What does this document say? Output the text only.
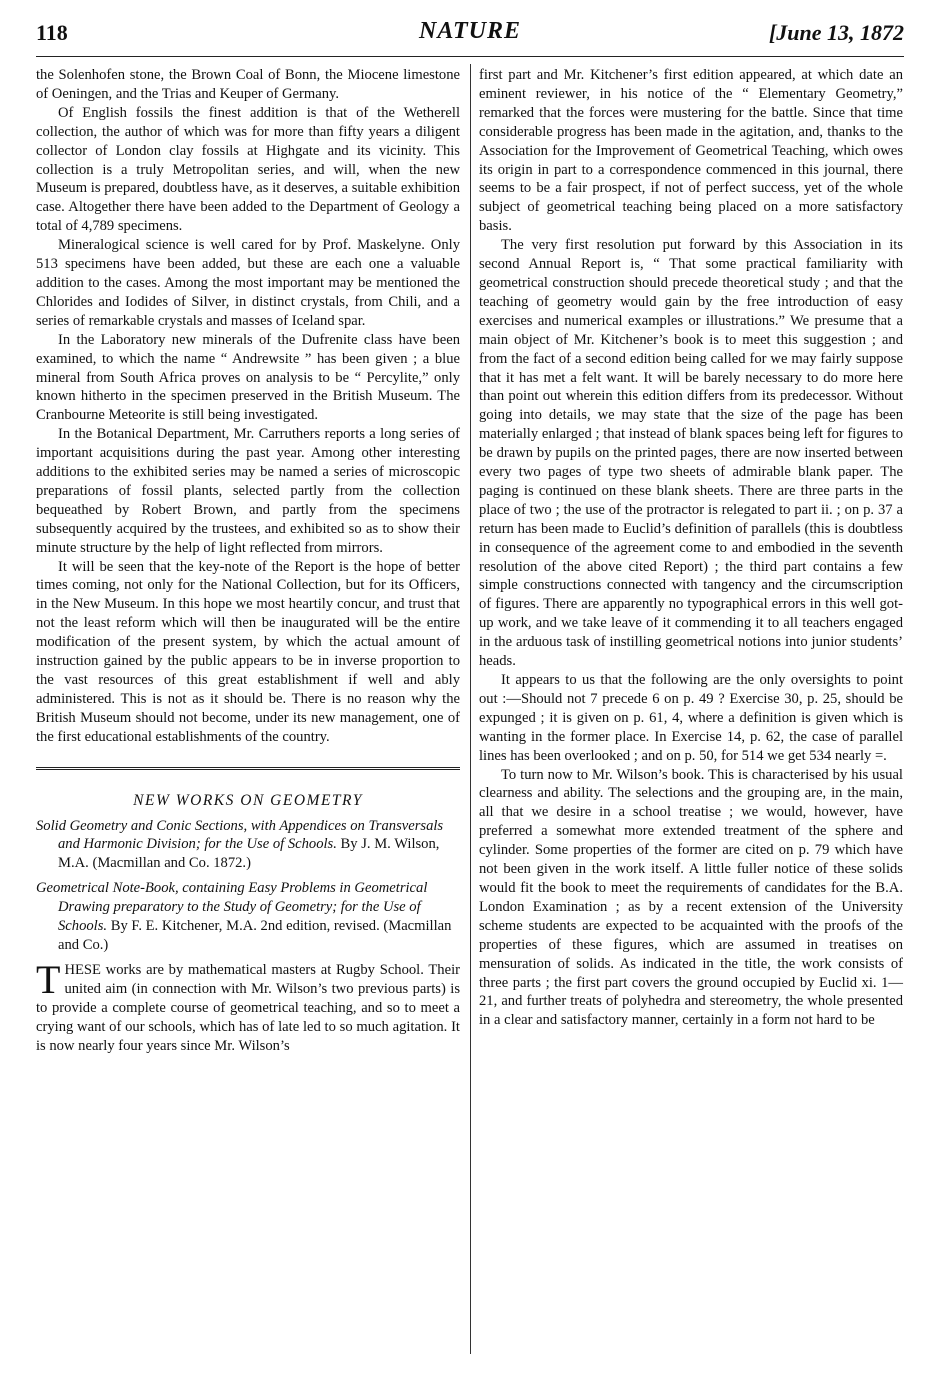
118	NATURE	[June 13, 1872

the Solenhofen stone, the Brown Coal of Bonn, the Miocene limestone of Oeningen, and the Trias and Keuper of Germany.

Of English fossils the finest addition is that of the Wetherell collection, the author of which was for more than fifty years a diligent collector of London clay fossils at Highgate and its vicinity. This collection is a truly Metropolitan series, and will, when the new Museum is prepared, doubtless have, as it deserves, a suitable exhibition case. Altogether there have been added to the Department of Geology a total of 4,789 specimens.

Mineralogical science is well cared for by Prof. Maskelyne. Only 513 specimens have been added, but these are each one a valuable addition to the cases. Among the most important may be mentioned the Chlorides and Iodides of Silver, in distinct crystals, from Chili, and a series of remarkable crystals and masses of Iceland spar.

In the Laboratory new minerals of the Dufrenite class have been examined, to which the name “ Andrewsite ” has been given ; a blue mineral from South Africa proves on analysis to be “ Percylite,” only known hitherto in the specimen preserved in the British Museum. The Cranbourne Meteorite is still being investigated.

In the Botanical Department, Mr. Carruthers reports a long series of important acquisitions during the past year. Among other interesting additions to the exhibited series may be named a series of microscopic preparations of fossil plants, selected partly from the collection bequeathed by Robert Brown, and partly from the specimens subsequently acquired by the trustees, and exhibited so as to show their minute structure by the help of light reflected from mirrors.

It will be seen that the key-note of the Report is the hope of better times coming, not only for the National Collection, but for its Officers, in the New Museum. In this hope we most heartily concur, and trust that not the least reform which will then be inaugurated will be the entire modification of the present system, by which the actual amount of instruction gained by the public appears to be in inverse proportion to the vast resources of this great establishment if well and ably administered. This is not as it should be. There is no reason why the British Museum should not become, under its new management, one of the first educational establishments of the country.

NEW WORKS ON GEOMETRY
Solid Geometry and Conic Sections, with Appendices on Transversals and Harmonic Division; for the Use of Schools. By J. M. Wilson, M.A. (Macmillan and Co. 1872.)
Geometrical Note-Book, containing Easy Problems in Geometrical Drawing preparatory to the Study of Geometry; for the Use of Schools. By F. E. Kitchener, M.A. 2nd edition, revised. (Macmillan and Co.)

THESE works are by mathematical masters at Rugby School. Their united aim (in connection with Mr. Wilson’s two previous parts) is to provide a complete course of geometrical teaching, and so to meet a crying want of our schools, which has of late led to so much agitation. It is now nearly four years since Mr. Wilson’s

first part and Mr. Kitchener’s first edition appeared, at which date an eminent reviewer, in his notice of the “ Elementary Geometry,” remarked that the forces were mustering for the battle. Since that time considerable progress has been made in the agitation, and, thanks to the Association for the Improvement of Geometrical Teaching, which owes its origin in part to a correspondence commenced in this journal, there seems to be a fair prospect, if not of perfect success, yet of the whole subject of geometrical teaching being placed on a more satisfactory basis.

The very first resolution put forward by this Association in its second Annual Report is, “ That some practical familiarity with geometrical construction should precede theoretical study ; and that the teaching of geometry would gain by the free introduction of easy exercises and numerical examples or illustrations.” We presume that a main object of Mr. Kitchener’s book is to meet this suggestion ; and from the fact of a second edition being called for we may fairly suppose that it has met a felt want. It will be barely necessary to do more here than point out wherein this edition differs from its predecessor. Without going into details, we may state that the size of the page has been materially enlarged ; that instead of blank spaces being left for figures to be drawn by pupils on the printed pages, there are now inserted between every two pages of type two sheets of admirable blank paper. The paging is continued on these blank sheets. There are three parts in the place of two ; the use of the protractor is relegated to part ii. ; on p. 37 a return has been made to Euclid’s definition of parallels (this is doubtless in consequence of the agreement come to and embodied in the seventh resolution of the above cited Report) ; the third part contains a few simple constructions connected with tangency and the circumscription of figures. There are apparently no typographical errors in this well got-up work, and we take leave of it commending it to all teachers engaged in the arduous task of instilling geometrical notions into junior students’ heads.

It appears to us that the following are the only oversights to point out :—Should not 7 precede 6 on p. 49 ? Exercise 30, p. 25, should be expunged ; it is given on p. 61, 4, where a definition is given which is wanting in the former place. In Exercise 14, p. 62, the case of parallel lines has been overlooked ; and on p. 50, for 514 we get 534 nearly =.

To turn now to Mr. Wilson’s book. This is characterised by his usual clearness and ability. The selections and the grouping are, in the main, all that we desire in a school treatise ; we would, however, have preferred a somewhat more extended treatment of the sphere and cylinder. Some properties of the former are cited on p. 79 which have not been given in the work itself. A little fuller notice of these solids would fit the book to meet the requirements of candidates for the B.A. London Examination ; as by a recent extension of the University scheme students are expected to be acquainted with the proofs of the properties of these figures, which are assumed in treatises on mensuration of solids. As indicated in the title, the work consists of three parts ; the first part covers the ground occupied by Euclid xi. 1—21, and further treats of polyhedra and stereometry, the whole presented in a clear and satisfactory manner, certainly in a form not hard to be
